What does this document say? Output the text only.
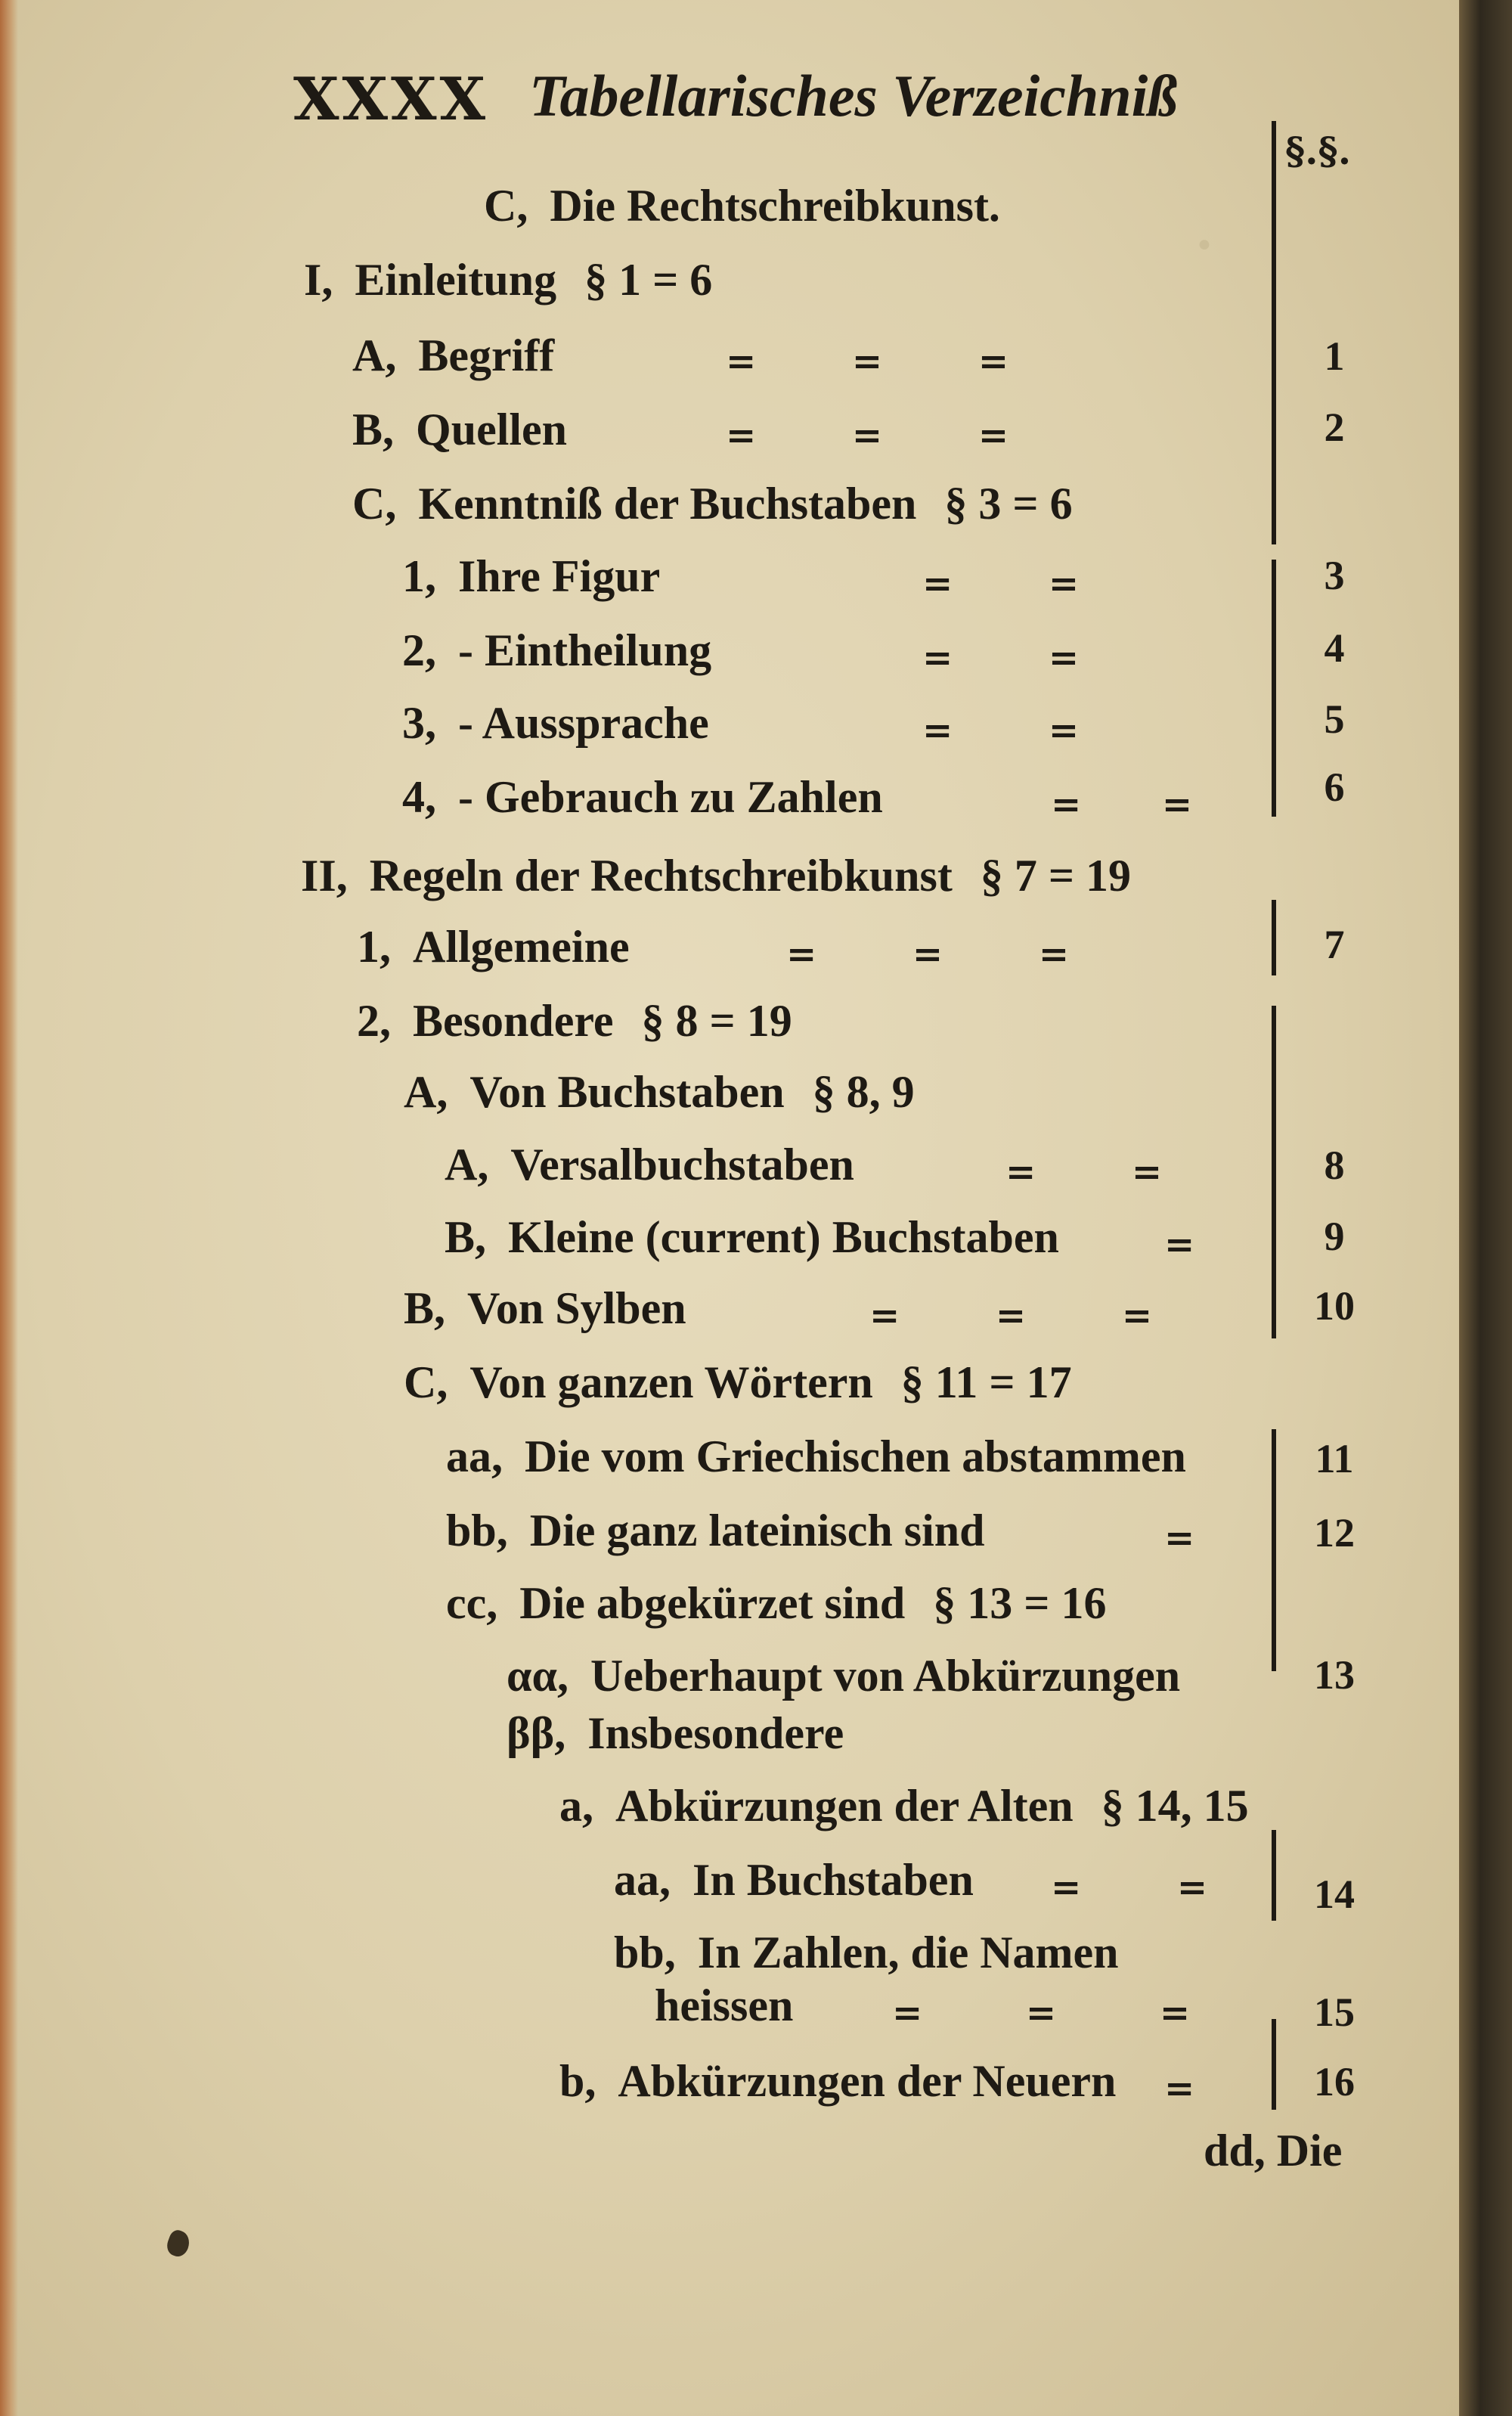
•
XXXX Tabellarisches Verzeichniß
§.§.
C, Die Rechtschreibkunst.
I, Einleitung § 1 = 6
A, Begriff	= = =	1
B, Quellen	= = =	2
C, Kenntniß der Buchstaben § 3 = 6
1, Ihre Figur	= =	3
2, - Eintheilung	= =	4
3, - Aussprache	= =	5
4, - Gebrauch zu Zahlen	= =	6
II, Regeln der Rechtschreibkunst § 7 = 19
1, Allgemeine	= = =	7
2, Besondere § 8 = 19
A, Von Buchstaben § 8, 9
A, Versalbuchstaben	= =	8
B, Kleine (current) Buchstaben	=	9
B, Von Sylben	= = =	10
C, Von ganzen Wörtern § 11 = 17
aa, Die vom Griechischen abstammen	11
bb, Die ganz lateinisch sind	=	12
cc, Die abgekürzet sind § 13 = 16
αα, Ueberhaupt von Abkürzungen	13
ββ, Insbesondere
a, Abkürzungen der Alten § 14, 15
aa, In Buchstaben = =	14
bb, In Zahlen, die Namen
heissen	= = =	15
b, Abkürzungen der Neuern =	16
dd, Die
